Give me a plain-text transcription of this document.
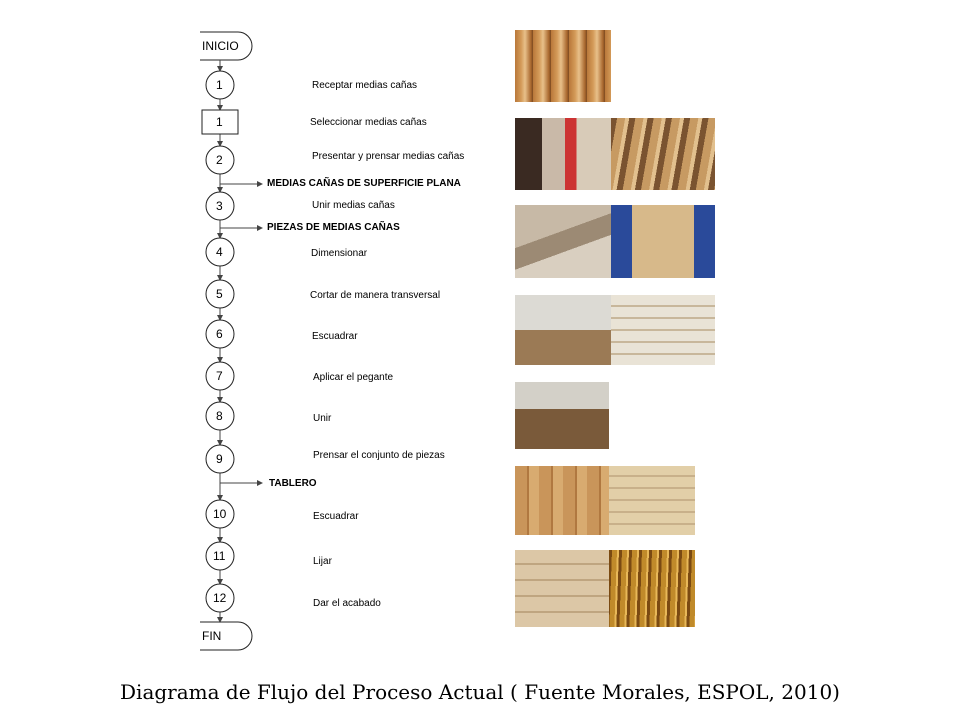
INICIO
FIN
1
1
2
3
4
5
6
7
8
9
10
11
12
Receptar medias cañas
Seleccionar medias cañas
Presentar y prensar medias cañas
Unir medias cañas
Dimensionar
Cortar de manera transversal
Escuadrar
Aplicar el pegante
Unir
Prensar el conjunto de piezas
Escuadrar
Lijar
Dar el acabado
MEDIAS CAÑAS DE SUPERFICIE PLANA
PIEZAS DE MEDIAS CAÑAS
TABLERO
Diagrama de Flujo del Proceso Actual ( Fuente Morales, ESPOL, 2010)
